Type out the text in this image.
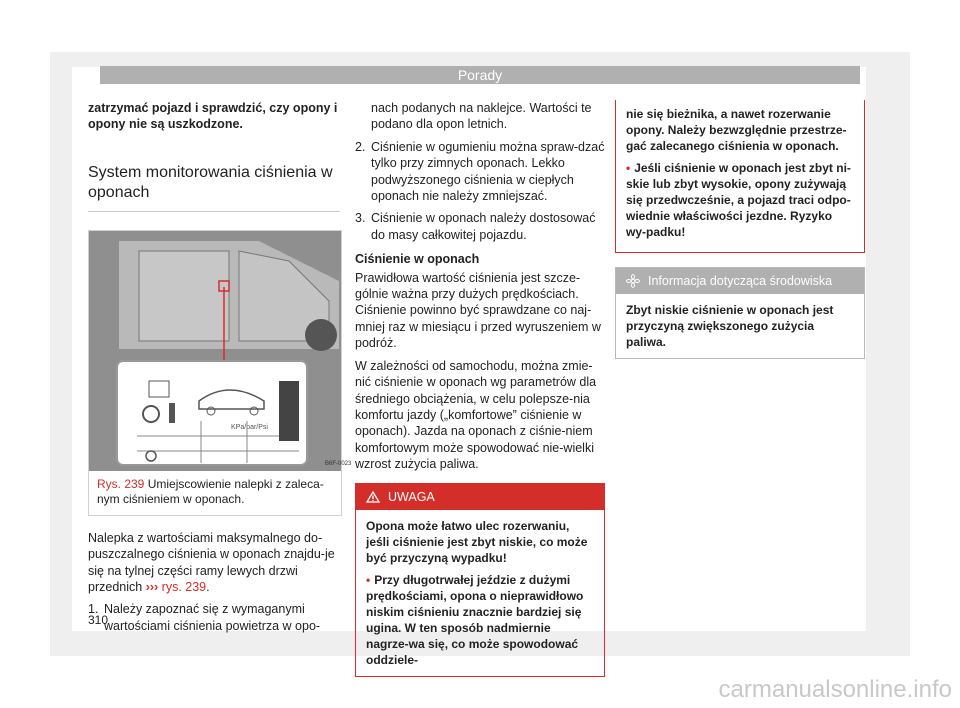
Porady

zatrzymać pojazd i sprawdzić, czy opony i opony nie są uszkodzone.

System monitorowania ciśnienia w oponach
KPa/bar/Psi
B6F-0023
Rys. 239 Umiejscowienie nalepki z zaleca-nym ciśnieniem w oponach.

Nalepka z wartościami maksymalnego do-puszczalnego ciśnienia w oponach znajdu-je się na tylnej części ramy lewych drzwi przednich ››› rys. 239.

1. Należy zapoznać się z wymaganymi wartościami ciśnienia powietrza w opo-

nach podanych na naklejce. Wartości te podano dla opon letnich.

2. Ciśnienie w ogumieniu można spraw-dzać tylko przy zimnych oponach. Lekko podwyższonego ciśnienia w ciepłych oponach nie należy zmniejszać.
3. Ciśnienie w oponach należy dostosować do masy całkowitej pojazdu.
Ciśnienie w oponach

Prawidłowa wartość ciśnienia jest szcze-gólnie ważna przy dużych prędkościach. Ciśnienie powinno być sprawdzane co naj-mniej raz w miesiącu i przed wyruszeniem w podróż.

W zależności od samochodu, można zmie-nić ciśnienie w oponach wg parametrów dla średniego obciążenia, w celu polepsze-nia komfortu jazdy („komfortowe” ciśnienie w oponach). Jazda na oponach z ciśnie-niem komfortowym może spowodować nie-wielki wzrost zużycia paliwa.

UWAGA

Opona może łatwo ulec rozerwaniu, jeśli ciśnienie jest zbyt niskie, co może być przyczyną wypadku!

• Przy długotrwałej jeździe z dużymi prędkościami, opona o nieprawidłowo niskim ciśnieniu znacznie bardziej się ugina. W ten sposób nadmiernie nagrze-wa się, co może spowodować oddziele-

nie się bieżnika, a nawet rozerwanie opony. Należy bezwzględnie przestrze-gać zalecanego ciśnienia w oponach.

• Jeśli ciśnienie w oponach jest zbyt ni-skie lub zbyt wysokie, opony zużywają się przedwcześnie, a pojazd traci odpo-wiednie właściwości jezdne. Ryzyko wy-padku!

Informacja dotycząca środowiska
Zbyt niskie ciśnienie w oponach jest przyczyną zwiększonego zużycia paliwa.
310
carmanualsonline.info
